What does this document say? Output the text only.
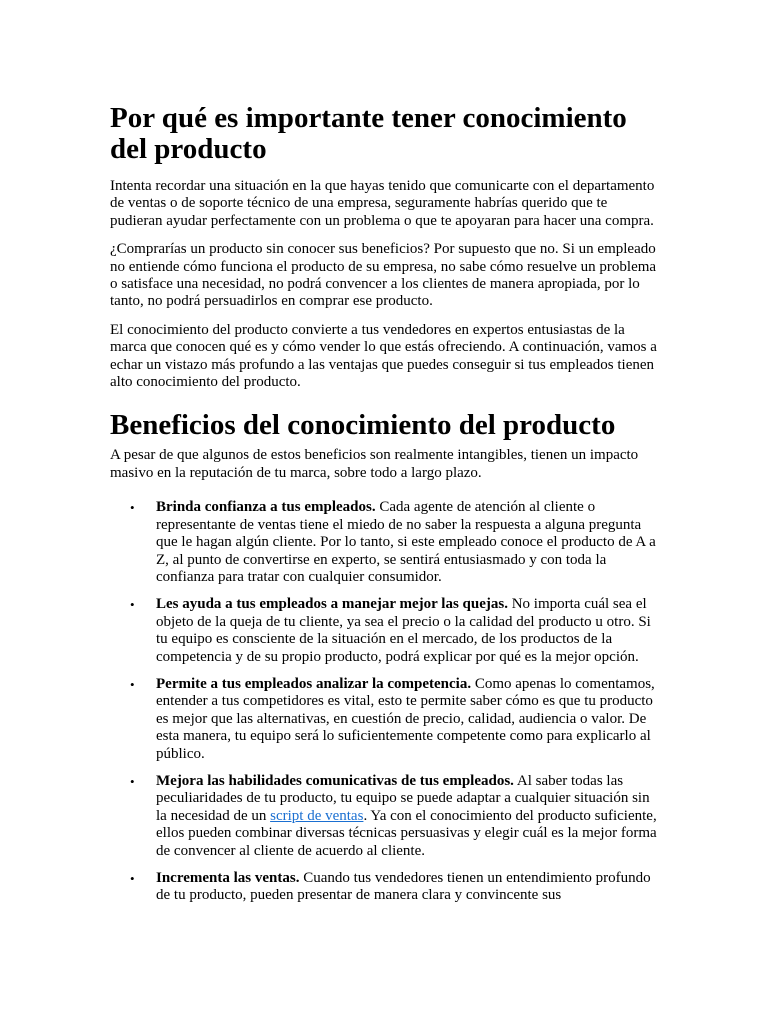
Por qué es importante tener conocimiento del producto

Intenta recordar una situación en la que hayas tenido que comunicarte con el departamento de ventas o de soporte técnico de una empresa, seguramente habrías querido que te pudieran ayudar perfectamente con un problema o que te apoyaran para hacer una compra.

¿Comprarías un producto sin conocer sus beneficios? Por supuesto que no. Si un empleado no entiende cómo funciona el producto de su empresa, no sabe cómo resuelve un problema o satisface una necesidad, no podrá convencer a los clientes de manera apropiada, por lo tanto, no podrá persuadirlos en comprar ese producto.

El conocimiento del producto convierte a tus vendedores en expertos entusiastas de la marca que conocen qué es y cómo vender lo que estás ofreciendo. A continuación, vamos a echar un vistazo más profundo a las ventajas que puedes conseguir si tus empleados tienen alto conocimiento del producto.

Beneficios del conocimiento del producto

A pesar de que algunos de estos beneficios son realmente intangibles, tienen un impacto masivo en la reputación de tu marca, sobre todo a largo plazo.

• Brinda confianza a tus empleados. Cada agente de atención al cliente o representante de ventas tiene el miedo de no saber la respuesta a alguna pregunta que le hagan algún cliente. Por lo tanto, si este empleado conoce el producto de A a Z, al punto de convertirse en experto, se sentirá entusiasmado y con toda la confianza para tratar con cualquier consumidor.
• Les ayuda a tus empleados a manejar mejor las quejas. No importa cuál sea el objeto de la queja de tu cliente, ya sea el precio o la calidad del producto u otro. Si tu equipo es consciente de la situación en el mercado, de los productos de la competencia y de su propio producto, podrá explicar por qué es la mejor opción.
• Permite a tus empleados analizar la competencia. Como apenas lo comentamos, entender a tus competidores es vital, esto te permite saber cómo es que tu producto es mejor que las alternativas, en cuestión de precio, calidad, audiencia o valor. De esta manera, tu equipo será lo suficientemente competente como para explicarlo al público.
• Mejora las habilidades comunicativas de tus empleados. Al saber todas las peculiaridades de tu producto, tu equipo se puede adaptar a cualquier situación sin la necesidad de un script de ventas. Ya con el conocimiento del producto suficiente, ellos pueden combinar diversas técnicas persuasivas y elegir cuál es la mejor forma de convencer al cliente de acuerdo al cliente.
• Incrementa las ventas. Cuando tus vendedores tienen un entendimiento profundo de tu producto, pueden presentar de manera clara y convincente sus
